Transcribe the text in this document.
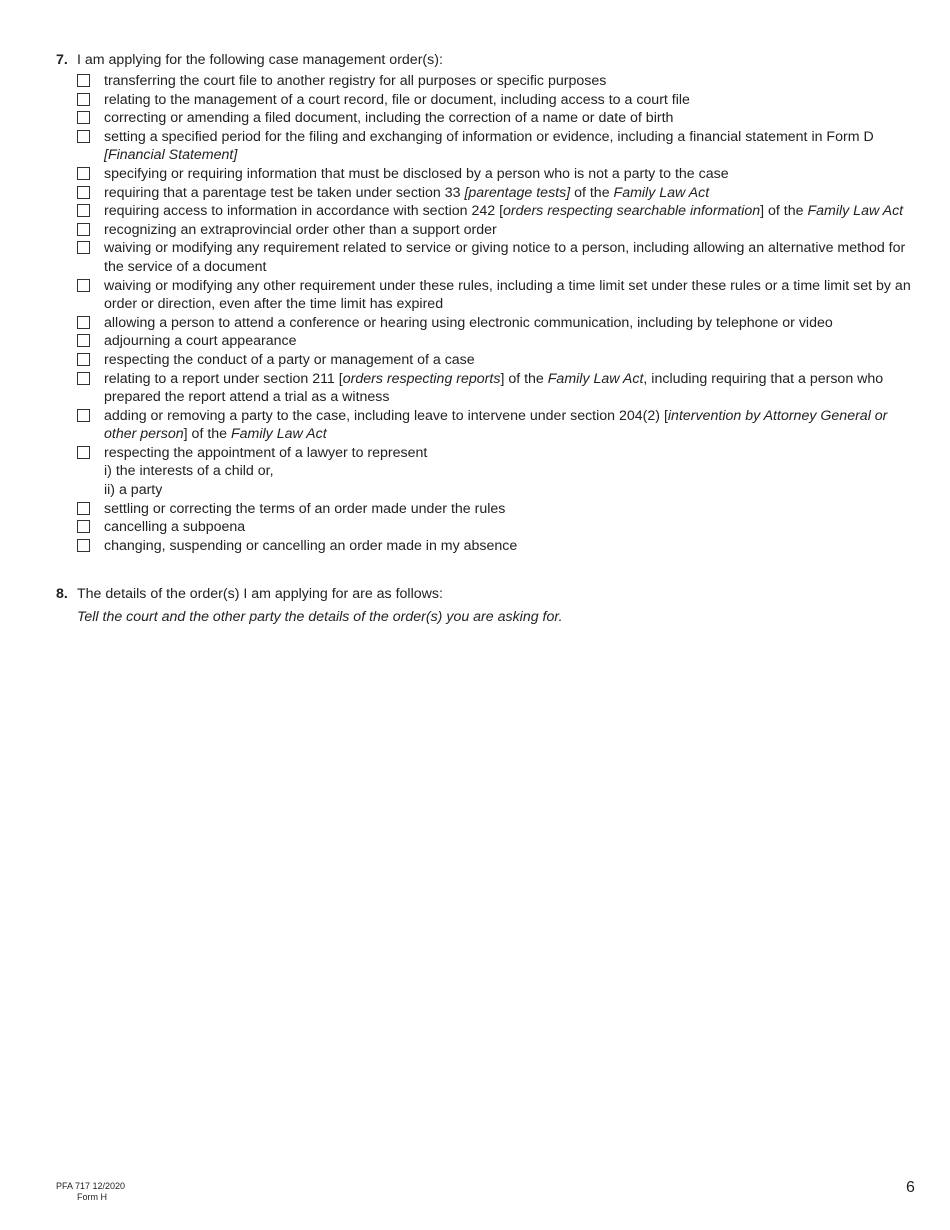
7. I am applying for the following case management order(s):
transferring the court file to another registry for all purposes or specific purposes
relating to the management of a court record, file or document, including access to a court file
correcting or amending a filed document, including the correction of a name or date of birth
setting a specified period for the filing and exchanging of information or evidence, including a financial statement in Form D [Financial Statement]
specifying or requiring information that must be disclosed by a person who is not a party to the case
requiring that a parentage test be taken under section 33 [parentage tests] of the Family Law Act
requiring access to information in accordance with section 242 [orders respecting searchable information] of the Family Law Act
recognizing an extraprovincial order other than a support order
waiving or modifying any requirement related to service or giving notice to a person, including allowing an alternative method for the service of a document
waiving or modifying any other requirement under these rules, including a time limit set under these rules or a time limit set by an order or direction, even after the time limit has expired
allowing a person to attend a conference or hearing using electronic communication, including by telephone or video
adjourning a court appearance
respecting the conduct of a party or management of a case
relating to a report under section 211 [orders respecting reports] of the Family Law Act, including requiring that a person who prepared the report attend a trial as a witness
adding or removing a party to the case, including leave to intervene under section 204(2) [intervention by Attorney General or other person] of the Family Law Act
respecting the appointment of a lawyer to represent
i) the interests of a child or,
ii) a party
settling or correcting the terms of an order made under the rules
cancelling a subpoena
changing, suspending or cancelling an order made in my absence
8. The details of the order(s) I am applying for are as follows:
Tell the court and the other party the details of the order(s) you are asking for.
PFA 717 12/2020
Form H
6
